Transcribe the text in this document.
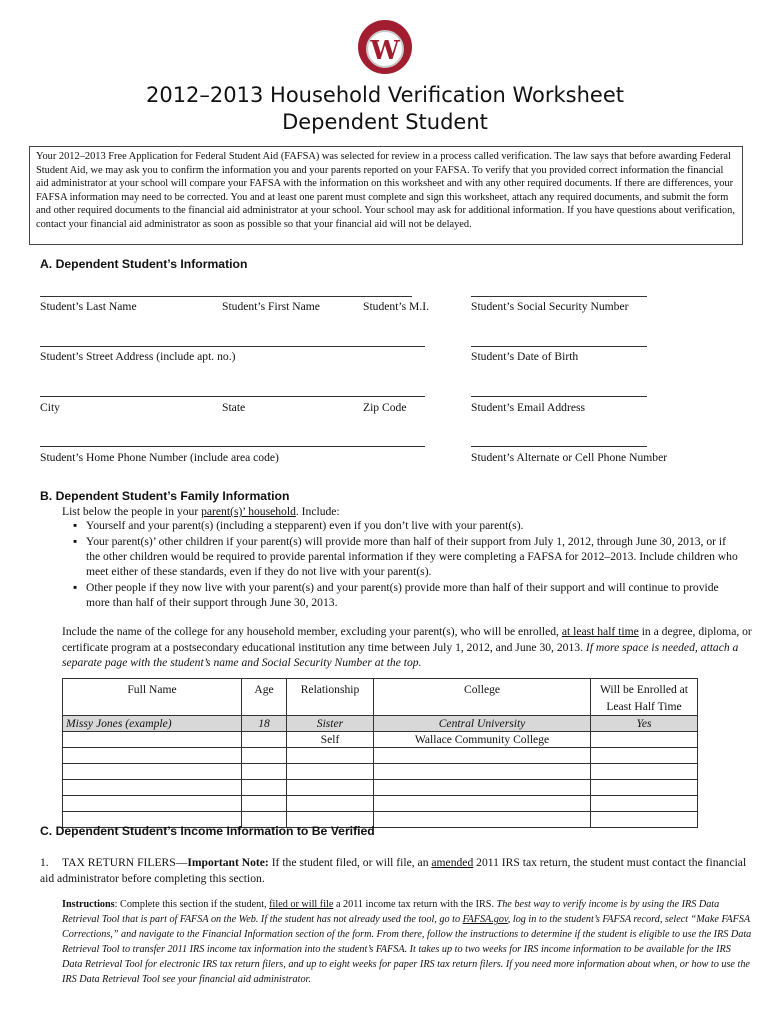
W
2012–2013 Household Verification Worksheet
Dependent Student
Your 2012–2013 Free Application for Federal Student Aid (FAFSA) was selected for review in a process called verification. The law says that before awarding Federal Student Aid, we may ask you to confirm the information you and your parents reported on your FAFSA. To verify that you provided correct information the financial aid administrator at your school will compare your FAFSA with the information on this worksheet and with any other required documents. If there are differences, your FAFSA information may need to be corrected. You and at least one parent must complete and sign this worksheet, attach any required documents, and submit the form and other required documents to the financial aid administrator at your school. Your school may ask for additional information. If you have questions about verification, contact your financial aid administrator as soon as possible so that your financial aid will not be delayed.
A. Dependent Student’s Information
Student’s Last Name	Student’s First Name	Student’s M.I.	Student’s Social Security Number
Student’s Street Address (include apt. no.)	Student’s Date of Birth
City	State	Zip Code	Student’s Email Address
Student’s Home Phone Number (include area code)	Student’s Alternate or Cell Phone Number
B. Dependent Student’s Family Information
List below the people in your parent(s)’ household. Include:
▪ Yourself and your parent(s) (including a stepparent) even if you don’t live with your parent(s).
▪ Your parent(s)’ other children if your parent(s) will provide more than half of their support from July 1, 2012, through June 30, 2013, or if the other children would be required to provide parental information if they were completing a FAFSA for 2012–2013. Include children who meet either of these standards, even if they do not live with your parent(s).
▪ Other people if they now live with your parent(s) and your parent(s) provide more than half of their support and will continue to provide more than half of their support through June 30, 2013.
Include the name of the college for any household member, excluding your parent(s), who will be enrolled, at least half time in a degree, diploma, or certificate program at a postsecondary educational institution any time between July 1, 2012, and June 30, 2013. If more space is needed, attach a separate page with the student’s name and Social Security Number at the top.
Full Name	Age	Relationship	College	Will be Enrolled at Least Half Time
Missy Jones (example)	18	Sister	Central University	Yes
		Self	Wallace Community College	

C. Dependent Student’s Income Information to Be Verified
1. TAX RETURN FILERS—Important Note: If the student filed, or will file, an amended 2011 IRS tax return, the student must contact the financial aid administrator before completing this section.
Instructions: Complete this section if the student, filed or will file a 2011 income tax return with the IRS. The best way to verify income is by using the IRS Data Retrieval Tool that is part of FAFSA on the Web. If the student has not already used the tool, go to FAFSA.gov, log in to the student’s FAFSA record, select “Make FAFSA Corrections,” and navigate to the Financial Information section of the form. From there, follow the instructions to determine if the student is eligible to use the IRS Data Retrieval Tool to transfer 2011 IRS income tax information into the student’s FAFSA. It takes up to two weeks for IRS income information to be available for the IRS Data Retrieval Tool for electronic IRS tax return filers, and up to eight weeks for paper IRS tax return filers. If you need more information about when, or how to use the IRS Data Retrieval Tool see your financial aid administrator.
